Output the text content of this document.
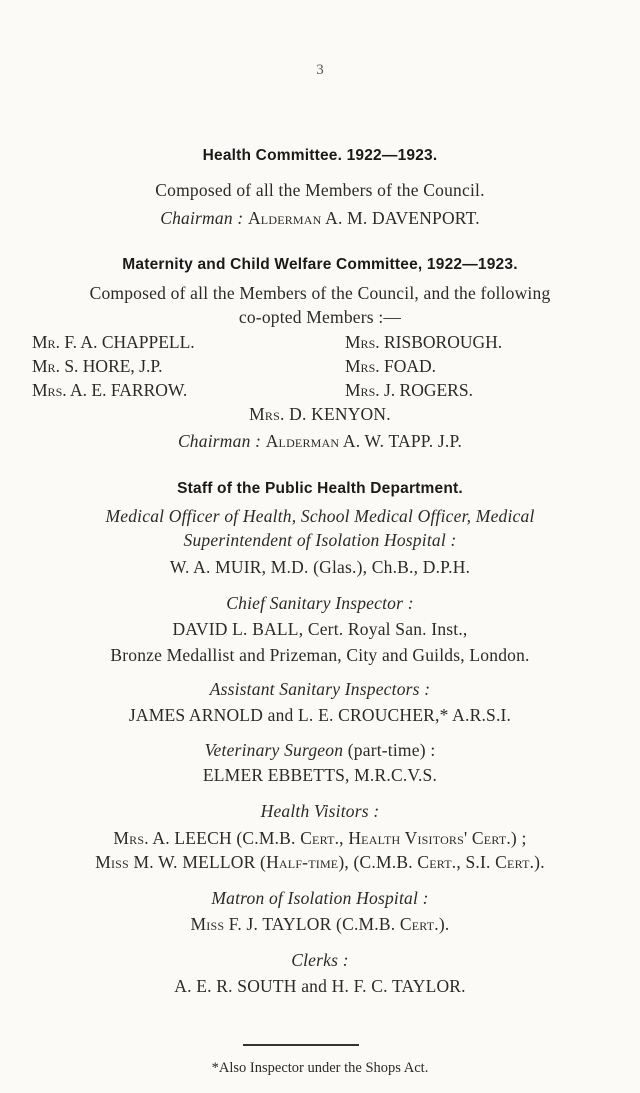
3
Health Committee. 1922—1923.
Composed of all the Members of the Council.
Chairman : Alderman A. M. DAVENPORT.
Maternity and Child Welfare Committee, 1922—1923.
Composed of all the Members of the Council, and the following
co-opted Members :—
Mr. F. A. CHAPPELL.	Mrs. RISBOROUGH.
Mr. S. HORE, J.P.	Mrs. FOAD.
Mrs. A. E. FARROW.	Mrs. J. ROGERS.
Mrs. D. KENYON.
Chairman : Alderman A. W. TAPP. J.P.
Staff of the Public Health Department.
Medical Officer of Health, School Medical Officer, Medical
Superintendent of Isolation Hospital :
W. A. MUIR, M.D. (Glas.), Ch.B., D.P.H.
Chief Sanitary Inspector :
DAVID L. BALL, Cert. Royal San. Inst.,
Bronze Medallist and Prizeman, City and Guilds, London.
Assistant Sanitary Inspectors :
JAMES ARNOLD and L. E. CROUCHER,* A.R.S.I.
Veterinary Surgeon (part-time) :
ELMER EBBETTS, M.R.C.V.S.
Health Visitors :
Mrs. A. LEECH (C.M.B. Cert., Health Visitors' Cert.) ;
Miss M. W. MELLOR (Half-time), (C.M.B. Cert., S.I. Cert.).
Matron of Isolation Hospital :
Miss F. J. TAYLOR (C.M.B. Cert.).
Clerks :
A. E. R. SOUTH and H. F. C. TAYLOR.
*Also Inspector under the Shops Act.
